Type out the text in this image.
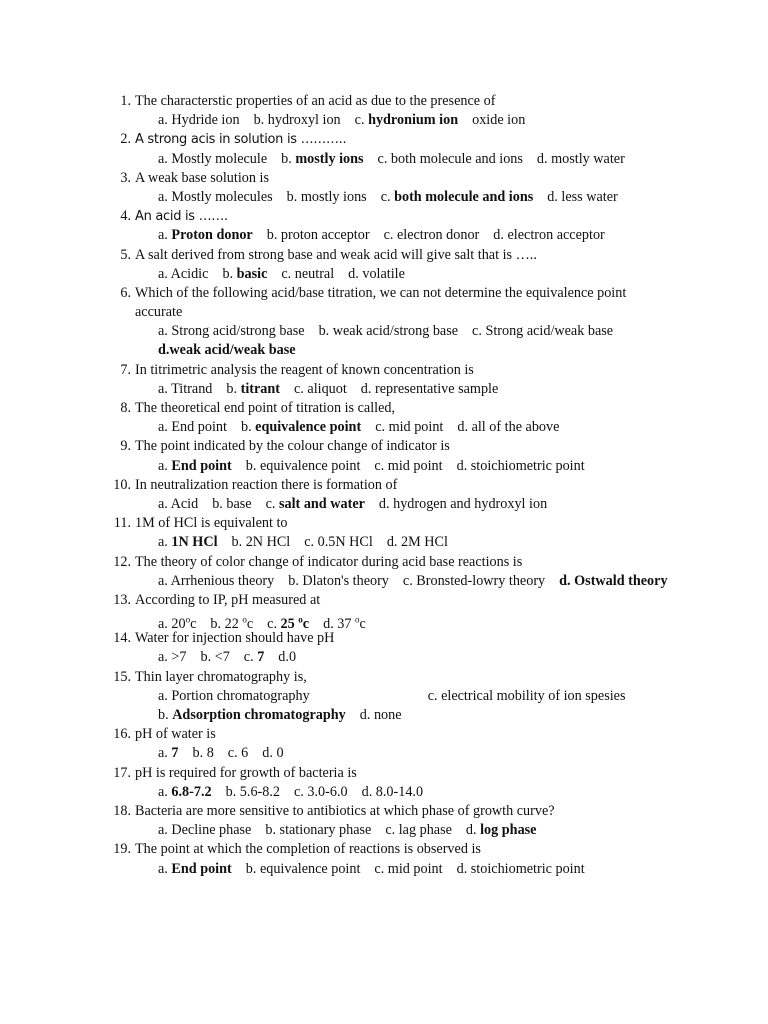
1 . The characterstic properties of an acid as due to the presence of
a. Hydride ion b. hydroxyl ion c. hydronium ion oxide ion
2 . A strong acis in solution is ………..
a. Mostly molecule b. mostly ions c. both molecule and ions d. mostly water
3 . A weak base solution is
a. Mostly molecules b. mostly ions c. both molecule and ions d. less water
4 . An acid is …….
a. Proton donor b. proton acceptor c. electron donor d. electron acceptor
5 . A salt derived from strong base and weak acid will give salt that is …..
a. Acidic b. basic c. neutral d. volatile
6 . Which of the following acid/base titration, we can not determine the equivalence point
accurate
a. Strong acid/strong base b. weak acid/strong base c. Strong acid/weak base
d.weak acid/weak base
7 . In titrimetric analysis the reagent of known concentration is
a. Titrand b. titrant c. aliquot d. representative sample
8 . The theoretical end point of titration is called,
a. End point b. equivalence point c. mid point d. all of the above
9 . The point indicated by the colour change of indicator is
a. End point b. equivalence point c. mid point d. stoichiometric point
10 . In neutralization reaction there is formation of
a. Acid b. base c. salt and water d. hydrogen and hydroxyl ion
11 . 1M of HCl is equivalent to
a. 1N HCl b. 2N HCl c. 0.5N HCl d. 2M HCl
12 . The theory of color change of indicator during acid base reactions is
a. Arrhenious theory b. Dlaton's theory c. Bronsted-lowry theory d. Ostwald theory
13 . According to IP, pH measured at
a. 20$^o$c b. 22 $^o$c c. 25 $^o$c d. 37 $^o$c
14 . Water for injection should have pH
a. >7 b. <7 c. 7 d.0
15 . Thin layer chromatography is,
a. Portion chromatography	c. electrical mobility of ion spesies
b. Adsorption chromatography d. none
16 . pH of water is
a. 7 b. 8 c. 6 d. 0
17 . pH is required for growth of bacteria is
a. 6.8-7.2 b. 5.6-8.2 c. 3.0-6.0 d. 8.0-14.0
18 . Bacteria are more sensitive to antibiotics at which phase of growth curve?
a. Decline phase b. stationary phase c. lag phase d. log phase
19 . The point at which the completion of reactions is observed is
a. End point b. equivalence point c. mid point d. stoichiometric point
